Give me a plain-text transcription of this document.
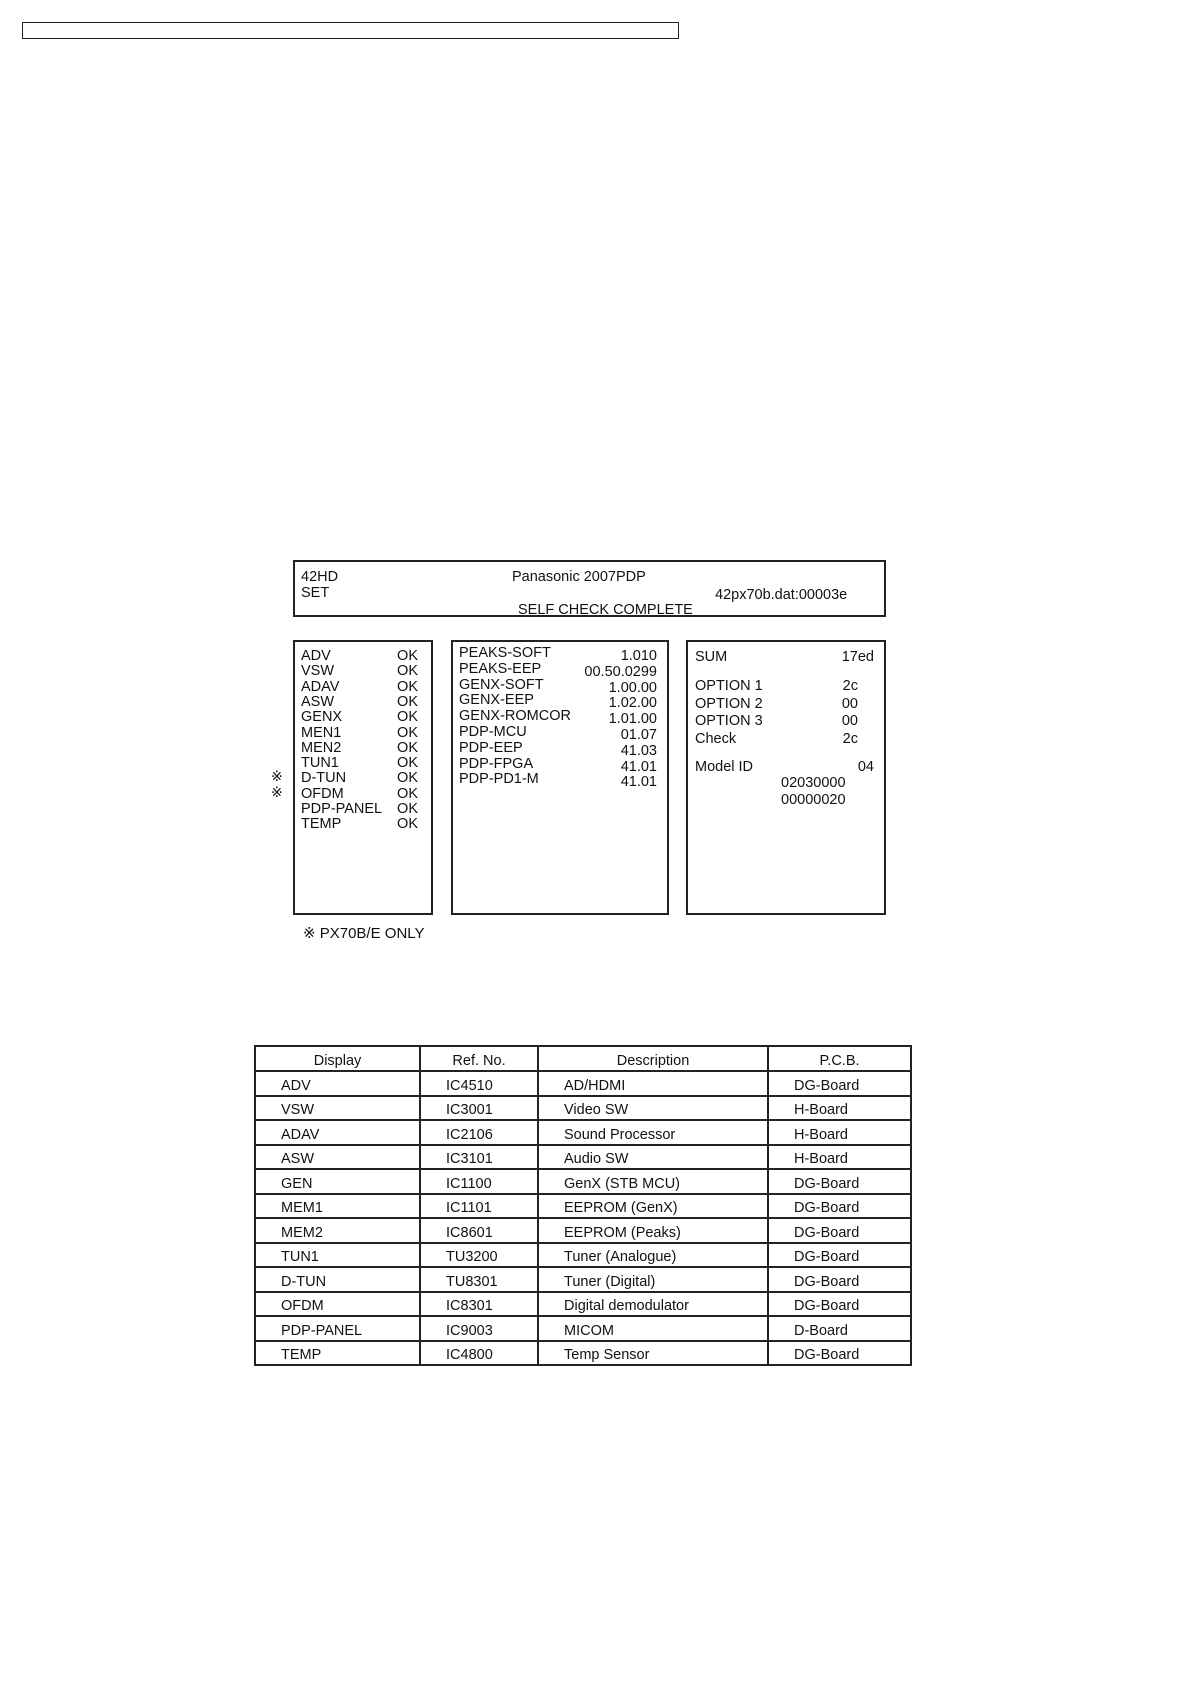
42HD
SET
Panasonic 2007PDP
42px70b.dat:00003e
SELF CHECK COMPLETE
ADV	OK
VSW	OK
ADAV	OK
ASW	OK
GENX	OK
MEN1	OK
MEN2	OK
TUN1	OK
D-TUN	OK
OFDM	OK
PDP-PANEL OK
TEMP	OK
PEAKS-SOFT	1.010
PEAKS-EEP	00.50.0299
GENX-SOFT	1.00.00
GENX-EEP	1.02.00
GENX-ROMCOR	1.01.00
PDP-MCU	01.07
PDP-EEP	41.03
PDP-FPGA	41.01
PDP-PD1-M	41.01
SUM	17ed
OPTION 1	2c
OPTION 2	00
OPTION 3	00
Check	2c
Model ID	04
02030000
00000020
※
※
※ PX70B/E ONLY
Display	Ref. No.	Description	P.C.B.
ADV	IC4510	AD/HDMI	DG-Board
VSW	IC3001	Video SW	H-Board
ADAV	IC2106	Sound Processor	H-Board
ASW	IC3101	Audio SW	H-Board
GEN	IC1100	GenX (STB MCU)	DG-Board
MEM1	IC1101	EEPROM (GenX)	DG-Board
MEM2	IC8601	EEPROM (Peaks)	DG-Board
TUN1	TU3200	Tuner (Analogue)	DG-Board
D-TUN	TU8301	Tuner (Digital)	DG-Board
OFDM	IC8301	Digital demodulator	DG-Board
PDP-PANEL	IC9003	MICOM	D-Board
TEMP	IC4800	Temp Sensor	DG-Board
